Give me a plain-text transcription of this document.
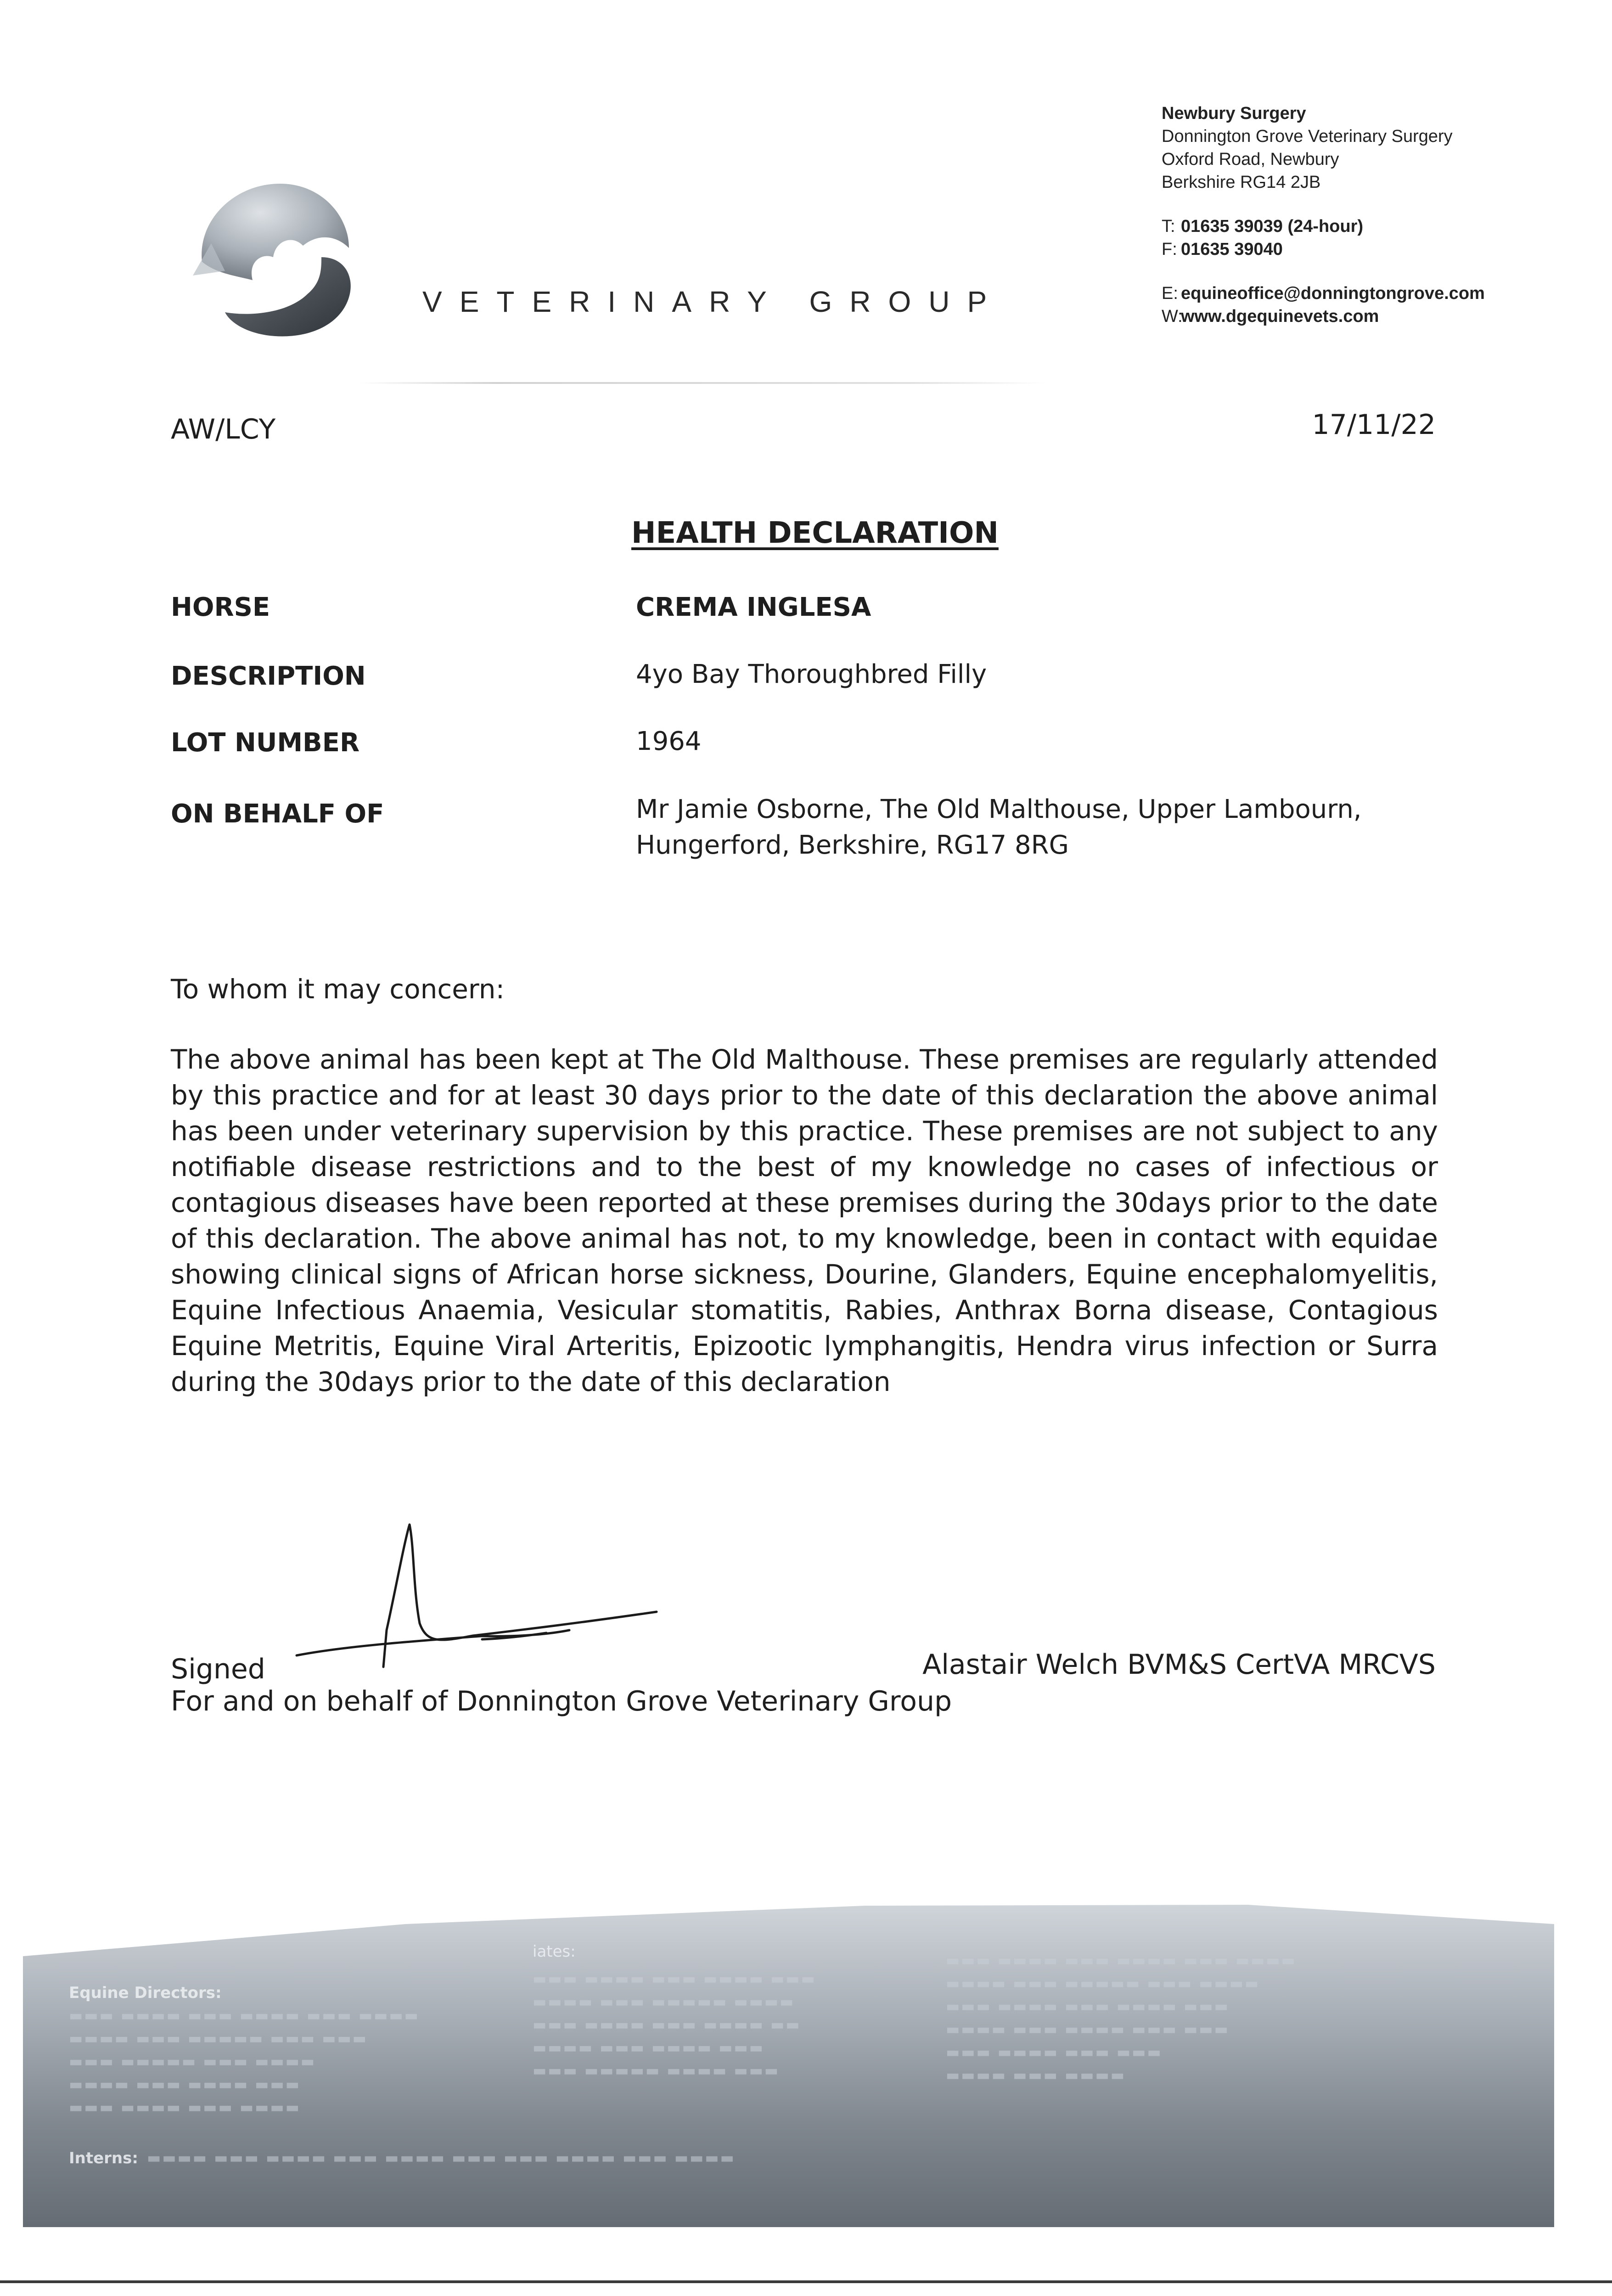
VETERINARY GROUP
Newbury Surgery
Donnington Grove Veterinary Surgery
Oxford Road, Newbury
Berkshire RG14 2JB
T: 01635 39039 (24-hour)
F: 01635 39040
E: equineoffice@donningtongrove.com
W:www.dgequinevets.com
AW/LCY	17/11/22
HEALTH DECLARATION
HORSE	CREMA INGLESA
DESCRIPTION	4yo Bay Thoroughbred Filly
LOT NUMBER	1964
ON BEHALF OF	Mr Jamie Osborne, The Old Malthouse, Upper Lambourn,
Hungerford, Berkshire, RG17 8RG
To whom it may concern:
The above animal has been kept at The Old Malthouse. These premises are regularly attended by this practice and for at least 30 days prior to the date of this declaration the above animal has been under veterinary supervision by this practice. These premises are not subject to any notifiable disease restrictions and to the best of my knowledge no cases of infectious or contagious diseases have been reported at these premises during the 30days prior to the date of this declaration. The above animal has not, to my knowledge, been in contact with equidae showing clinical signs of African horse sickness, Dourine, Glanders, Equine encephalomyelitis, Equine Infectious Anaemia, Vesicular stomatitis, Rabies, Anthrax Borna disease, Contagious Equine Metritis, Equine Viral Arteritis, Epizootic lymphangitis, Hendra virus infection or Surra during the 30days prior to the date of this declaration
Signed	Alastair Welch BVM&S CertVA MRCVS
For and on behalf of Donnington Grove Veterinary Group
Equine Directors:
iates:
Interns:
▬▬▬ ▬▬▬▬ ▬▬▬ ▬▬▬▬ ▬▬▬ ▬▬▬▬
▬▬▬▬ ▬▬▬ ▬▬▬▬▬ ▬▬▬ ▬▬▬
▬▬▬ ▬▬▬▬▬ ▬▬▬ ▬▬▬▬
▬▬▬▬ ▬▬▬ ▬▬▬▬ ▬▬▬
▬▬▬ ▬▬▬▬ ▬▬▬ ▬▬▬▬
▬▬▬ ▬▬▬▬ ▬▬▬ ▬▬▬▬ ▬▬▬
▬▬▬▬ ▬▬▬ ▬▬▬▬▬ ▬▬▬▬
▬▬▬ ▬▬▬▬ ▬▬▬ ▬▬▬▬ ▬▬
▬▬▬▬ ▬▬▬ ▬▬▬▬ ▬▬▬
▬▬▬ ▬▬▬▬▬ ▬▬▬▬ ▬▬▬
▬▬▬ ▬▬▬▬ ▬▬▬ ▬▬▬▬ ▬▬▬ ▬▬▬▬
▬▬▬▬ ▬▬▬ ▬▬▬▬▬ ▬▬▬ ▬▬▬▬
▬▬▬ ▬▬▬▬ ▬▬▬ ▬▬▬▬ ▬▬▬
▬▬▬▬ ▬▬▬ ▬▬▬▬ ▬▬▬ ▬▬▬
▬▬▬ ▬▬▬▬ ▬▬▬ ▬▬▬
▬▬▬▬ ▬▬▬ ▬▬▬▬
▬▬▬▬ ▬▬▬ ▬▬▬▬ ▬▬▬ ▬▬▬▬ ▬▬▬ ▬▬▬ ▬▬▬▬ ▬▬▬ ▬▬▬▬
